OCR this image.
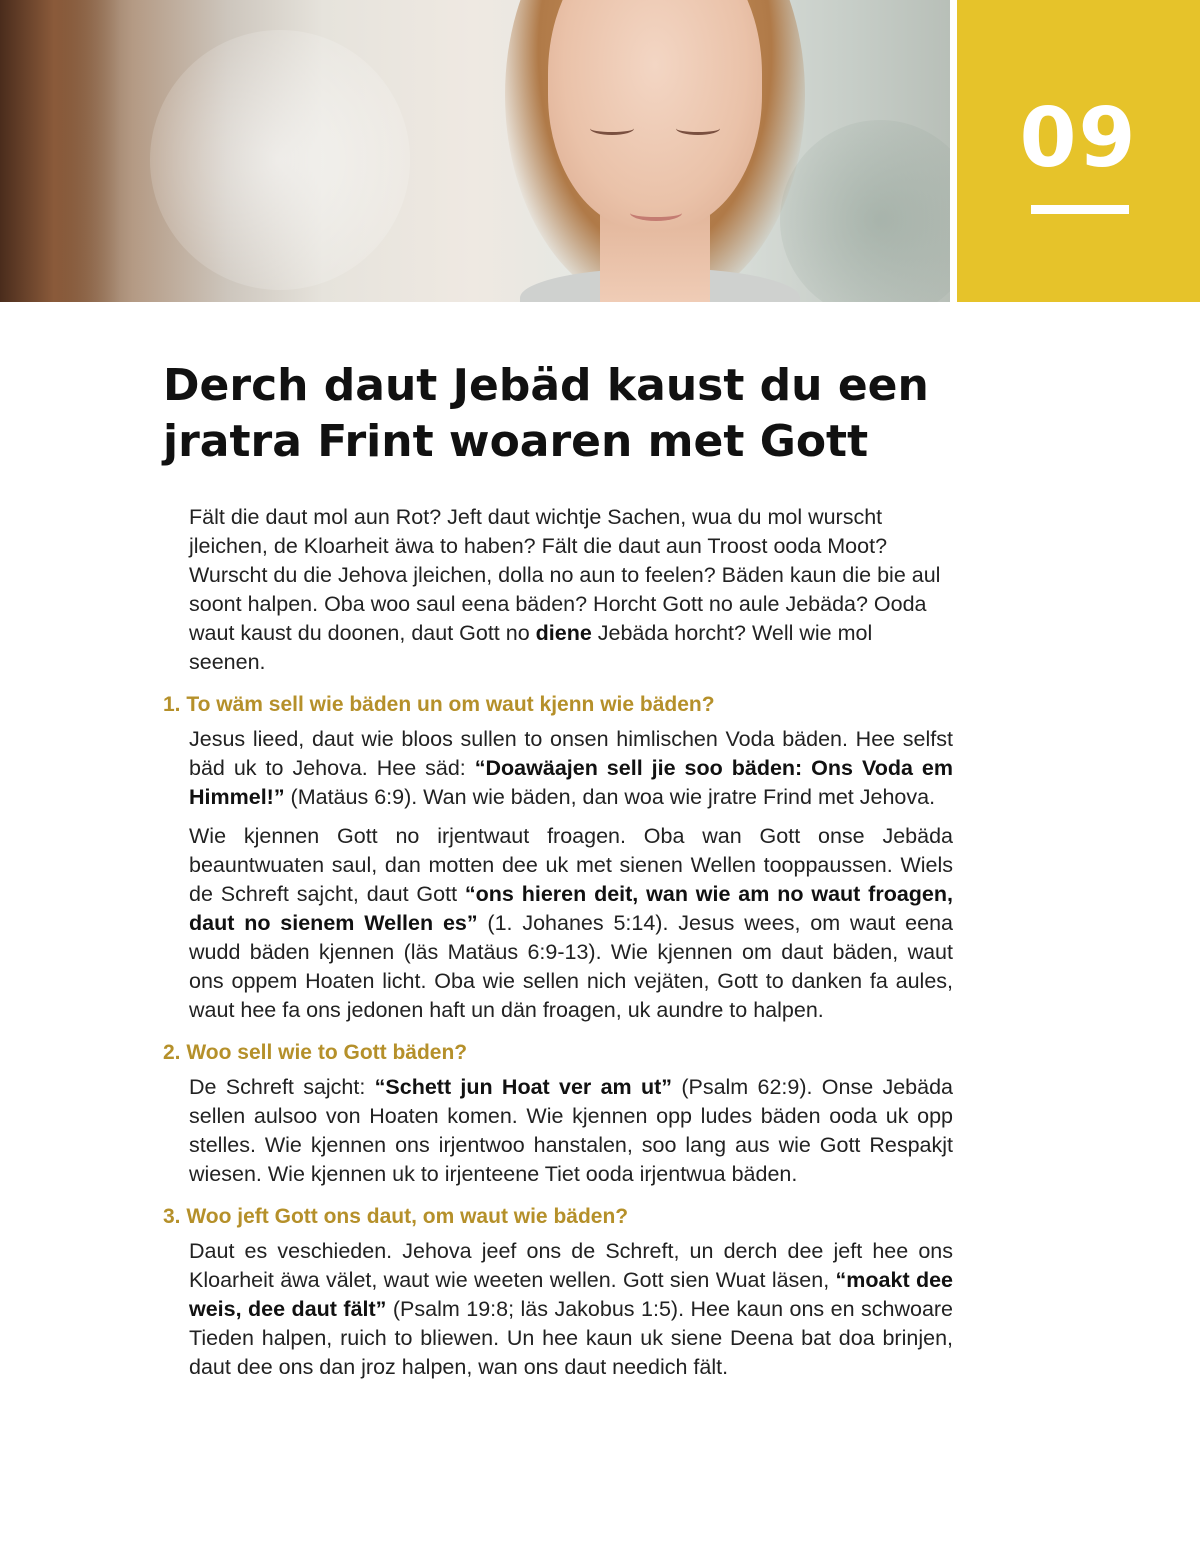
09
Derch daut Jebäd kaust du een jratra Frint woaren met Gott

Fält die daut mol aun Rot? Jeft daut wichtje Sachen, wua du mol wurscht jleichen, de Kloarheit äwa to haben? Fält die daut aun Troost ooda Moot? Wurscht du die Jehova jleichen, dolla no aun to feelen? Bäden kaun die bie aul soont halpen. Oba woo saul eena bäden? Horcht Gott no aule Jebäda? Ooda waut kaust du doonen, daut Gott no diene Jebäda horcht? Well wie mol seenen.

1. To wäm sell wie bäden un om waut kjenn wie bäden?

Jesus lieed, daut wie bloos sullen to onsen himlischen Voda bäden. Hee selfst bäd uk to Jehova. Hee säd: “Doawäajen sell jie soo bäden: Ons Voda em Himmel!” (Matäus 6:9). Wan wie bäden, dan woa wie jratre Frind met Jehova.

Wie kjennen Gott no irjentwaut froagen. Oba wan Gott onse Jebäda beauntwuaten saul, dan motten dee uk met sienen Wellen tooppaussen. Wiels de Schreft sajcht, daut Gott “ons hieren deit, wan wie am no waut froagen, daut no sienem Wellen es” (1. Johanes 5:14). Jesus wees, om waut eena wudd bäden kjennen (läs Matäus 6:9-13). Wie kjennen om daut bäden, waut ons oppem Hoaten licht. Oba wie sellen nich vejäten, Gott to danken fa aules, waut hee fa ons jedonen haft un dän froagen, uk aundre to halpen.

2. Woo sell wie to Gott bäden?

De Schreft sajcht: “Schett jun Hoat ver am ut” (Psalm 62:9). Onse Jebäda sellen aulsoo von Hoaten komen. Wie kjennen opp ludes bäden ooda uk opp stelles. Wie kjennen ons irjentwoo hanstalen, soo lang aus wie Gott Respakjt wiesen. Wie kjennen uk to irjenteene Tiet ooda irjentwua bäden.

3. Woo jeft Gott ons daut, om waut wie bäden?

Daut es veschieden. Jehova jeef ons de Schreft, un derch dee jeft hee ons Kloarheit äwa välet, waut wie weeten wellen. Gott sien Wuat läsen, “moakt dee weis, dee daut fält” (Psalm 19:8; läs Jakobus 1:5). Hee kaun ons en schwoare Tieden halpen, ruich to bliewen. Un hee kaun uk siene Deena bat doa brinjen, daut dee ons dan jroz halpen, wan ons daut needich fält.
